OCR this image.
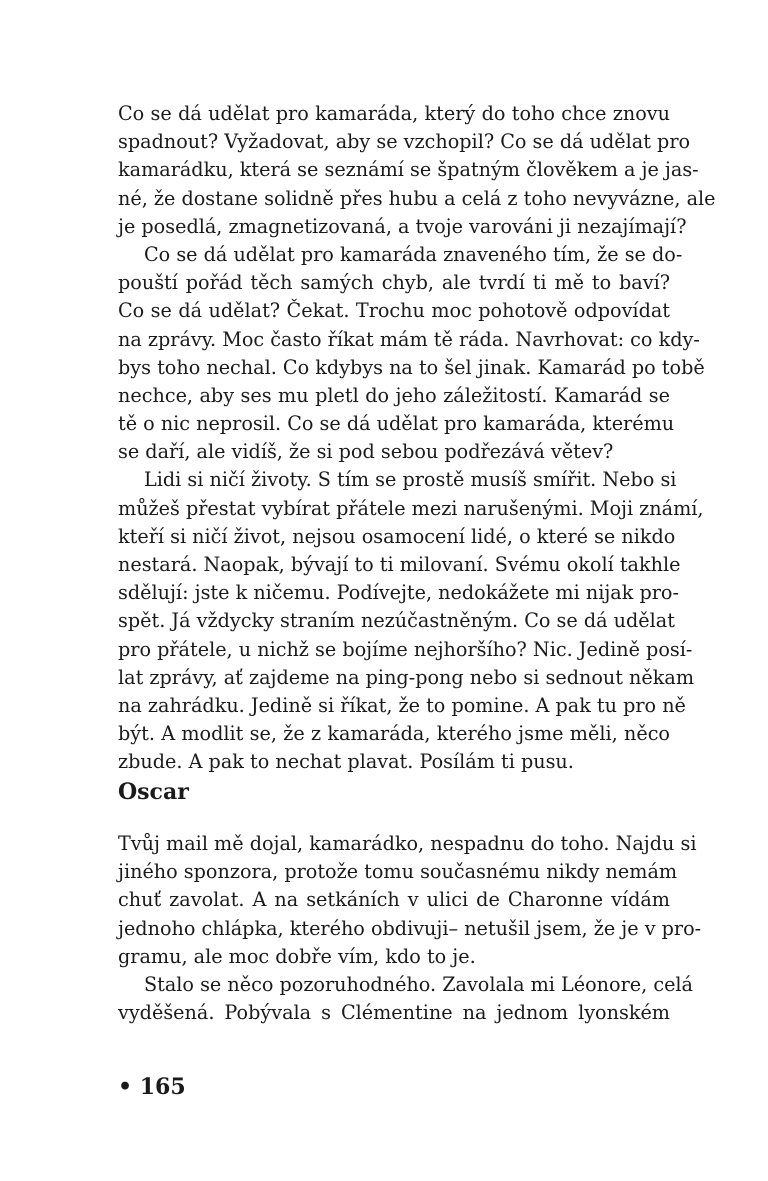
Co se dá udělat pro kamaráda, který do toho chce znovu
spadnout? Vyžadovat, aby se vzchopil? Co se dá udělat pro
kamarádku, která se seznámí se špatným člověkem a je jas-
né, že dostane solidně přes hubu a celá z toho nevyvázne, ale
je posedlá, zmagnetizovaná, a tvoje varováni ji nezajímají?
Co se dá udělat pro kamaráda znaveného tím, že se do-
pouští pořád těch samých chyb, ale tvrdí ti mě to baví?
Co se dá udělat? Čekat. Trochu moc pohotově odpovídat
na zprávy. Moc často říkat mám tě ráda. Navrhovat: co kdy-
bys toho nechal. Co kdybys na to šel jinak. Kamarád po tobě
nechce, aby ses mu pletl do jeho záležitostí. Kamarád se
tě o nic neprosil. Co se dá udělat pro kamaráda, kterému
se daří, ale vidíš, že si pod sebou podřezává větev?
Lidi si ničí životy. S tím se prostě musíš smířit. Nebo si
můžeš přestat vybírat přátele mezi narušenými. Moji známí,
kteří si ničí život, nejsou osamocení lidé, o které se nikdo
nestará. Naopak, bývají to ti milovaní. Svému okolí takhle
sdělují: jste k ničemu. Podívejte, nedokážete mi nijak pro-
spět. Já vždycky straním nezúčastněným. Co se dá udělat
pro přátele, u nichž se bojíme nejhoršího? Nic. Jedině posí-
lat zprávy, ať zajdeme na ping-pong nebo si sednout někam
na zahrádku. Jedině si říkat, že to pomine. A pak tu pro ně
být. A modlit se, že z kamaráda, kterého jsme měli, něco
zbude. A pak to nechat plavat. Posílám ti pusu.
Oscar
Tvůj mail mě dojal, kamarádko, nespadnu do toho. Najdu si
jiného sponzora, protože tomu současnému nikdy nemám
chuť zavolat. A na setkáních v ulici de Charonne vídám
jednoho chlápka, kterého obdivuji– netušil jsem, že je v pro-
gramu, ale moc dobře vím, kdo to je.
Stalo se něco pozoruhodného. Zavolala mi Léonore, celá
vyděšená. Pobývala s Clémentine na jednom lyonském
• 165
